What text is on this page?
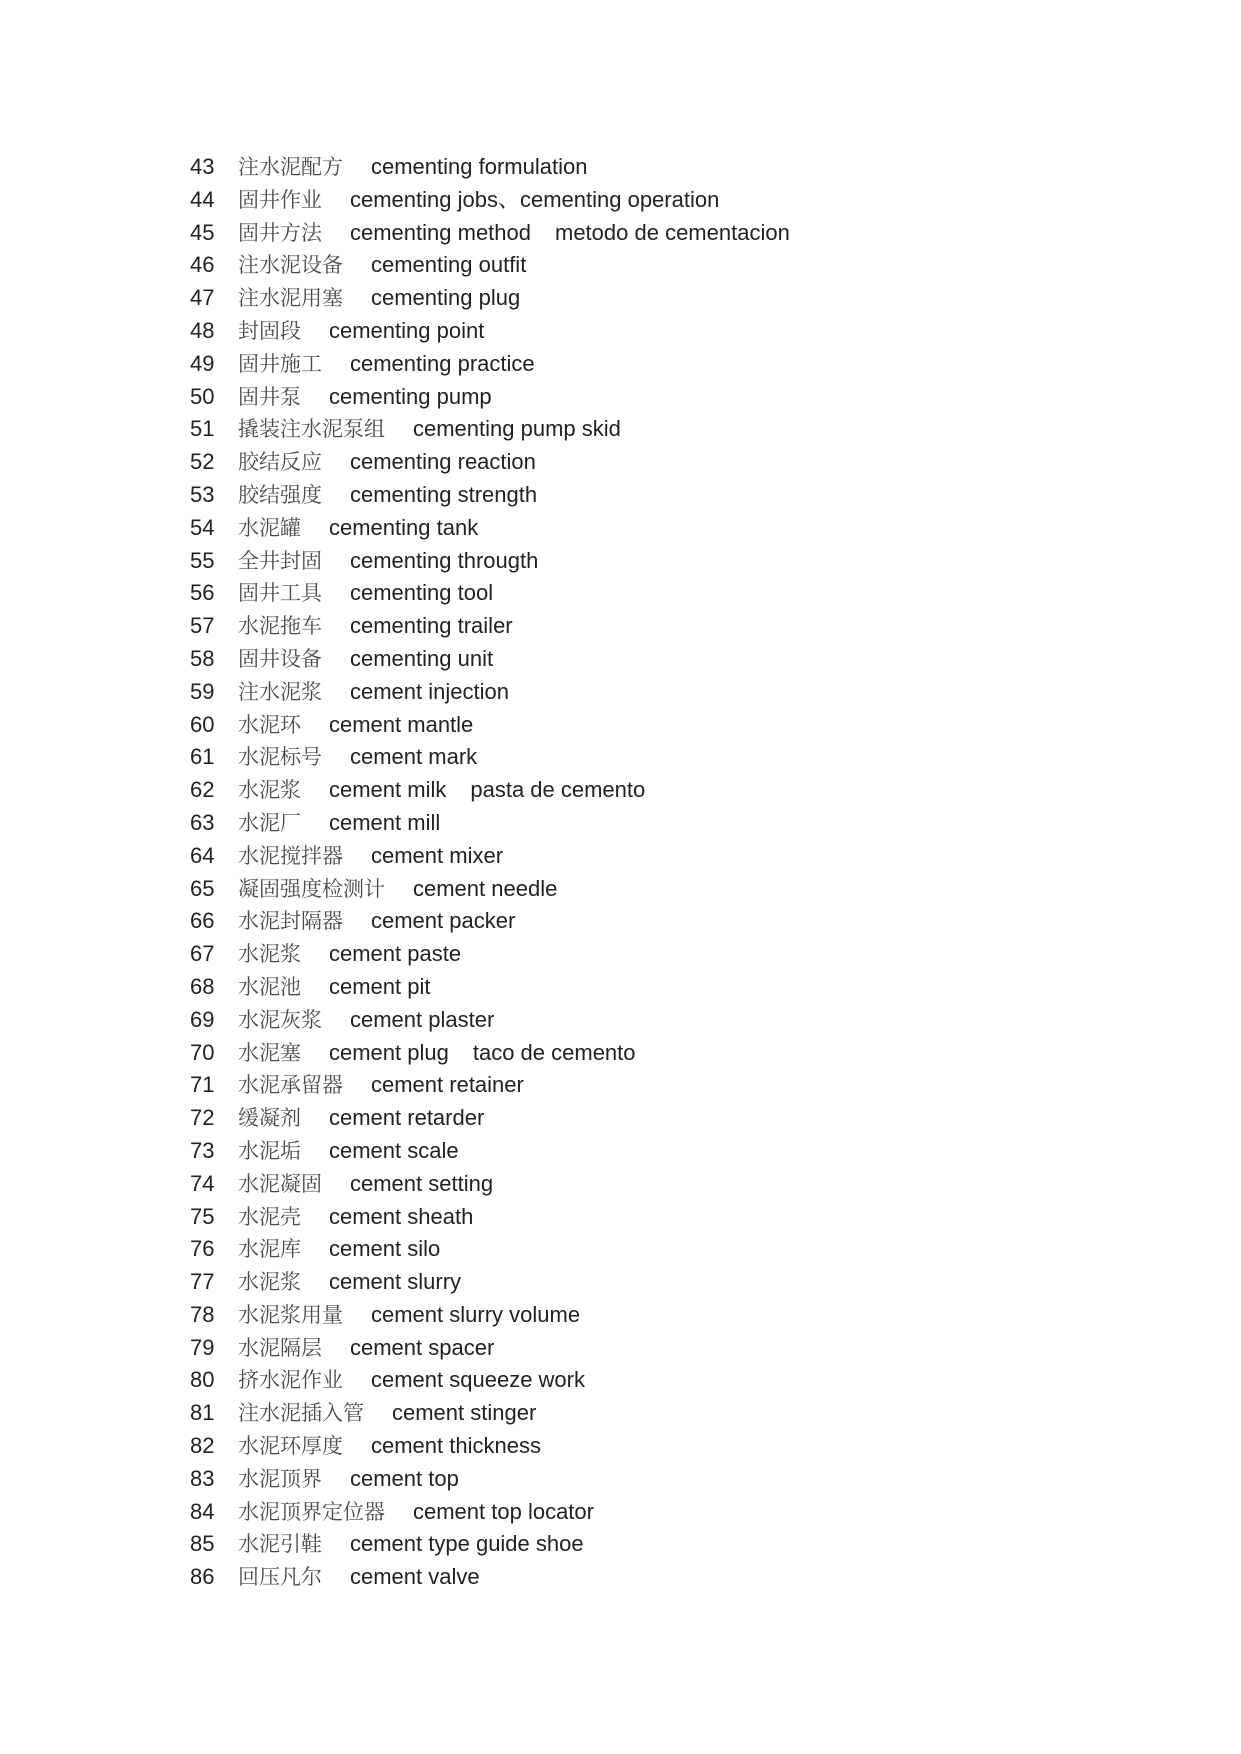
43 注水泥配方 cementing formulation
44 固井作业 cementing jobs、cementing operation
45 固井方法 cementing method metodo de cementacion
46 注水泥设备 cementing outfit
47 注水泥用塞 cementing plug
48 封固段 cementing point
49 固井施工 cementing practice
50 固井泵 cementing pump
51 撬装注水泥泵组 cementing pump skid
52 胶结反应 cementing reaction
53 胶结强度 cementing strength
54 水泥罐 cementing tank
55 全井封固 cementing througth
56 固井工具 cementing tool
57 水泥拖车 cementing trailer
58 固井设备 cementing unit
59 注水泥浆 cement injection
60 水泥环 cement mantle
61 水泥标号 cement mark
62 水泥浆 cement milk pasta de cemento
63 水泥厂 cement mill
64 水泥搅拌器 cement mixer
65 凝固强度检测计 cement needle
66 水泥封隔器 cement packer
67 水泥浆 cement paste
68 水泥池 cement pit
69 水泥灰浆 cement plaster
70 水泥塞 cement plug taco de cemento
71 水泥承留器 cement retainer
72 缓凝剂 cement retarder
73 水泥垢 cement scale
74 水泥凝固 cement setting
75 水泥壳 cement sheath
76 水泥库 cement silo
77 水泥浆 cement slurry
78 水泥浆用量 cement slurry volume
79 水泥隔层 cement spacer
80 挤水泥作业 cement squeeze work
81 注水泥插入管 cement stinger
82 水泥环厚度 cement thickness
83 水泥顶界 cement top
84 水泥顶界定位器 cement top locator
85 水泥引鞋 cement type guide shoe
86 回压凡尔 cement valve
